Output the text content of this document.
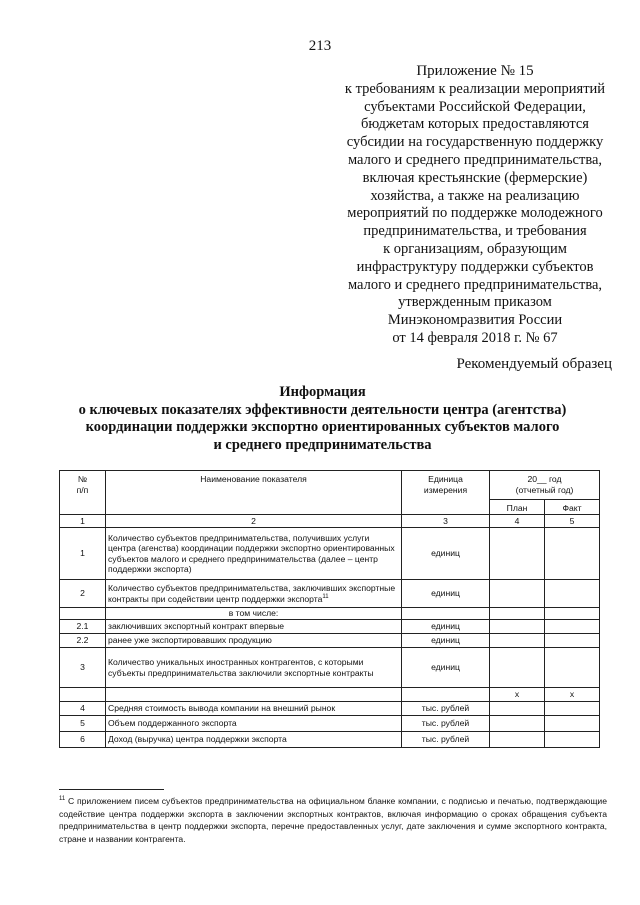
213
Приложение № 15
к требованиям к реализации мероприятий
субъектами Российской Федерации,
бюджетам которых предоставляются
субсидии на государственную поддержку
малого и среднего предпринимательства,
включая крестьянские (фермерские)
хозяйства, а также на реализацию
мероприятий по поддержке молодежного
предпринимательства, и требования
к организациям, образующим
инфраструктуру поддержки субъектов
малого и среднего предпринимательства,
утвержденным приказом
Минэкономразвития России
от 14 февраля 2018 г. № 67
Рекомендуемый образец
Информация
о ключевых показателях эффективности деятельности центра (агентства)
координации поддержки экспортно ориентированных субъектов малого
и среднего предпринимательства
№
п/п	Наименование показателя	Единица
измерения	20__ год
(отчетный год)	
			План	Факт
1	2	3	4	5
1	Количество субъектов предпринимательства, получивших услуги центра (агенства) координации поддержки экспортно ориентированных субъектов малого и среднего предпринимательства (далее – центр поддержки экспорта)	единиц		
2	Количество субъектов предпринимательства, заключивших экспортные контракты при содействии центр поддержки экспорта$^{11}$	единиц		
	в том числе:			
2.1	заключивших экспортный контракт впервые	единиц		
2.2	ранее уже экспортировавших продукцию	единиц		
3	Количество уникальных иностранных контрагентов, с которыми субъекты предпринимательства заключили экспортные контракты	единиц		
			х	х
4	Средняя стоимость вывода компании на внешний рынок	тыс. рублей		
5	Объем поддержанного экспорта	тыс. рублей		
6	Доход (выручка) центра поддержки экспорта	тыс. рублей		
$^{11}$ С приложением писем субъектов предпринимательства на официальном бланке компании, с подписью и печатью, подтверждающие содействие центра поддержки экспорта в заключении экспортных контрактов, включая информацию о сроках обращения субъекта предпринимательства в центр поддержки экспорта, перечне предоставленных услуг, дате заключения и сумме экспортного контракта, стране и названии контрагента.
